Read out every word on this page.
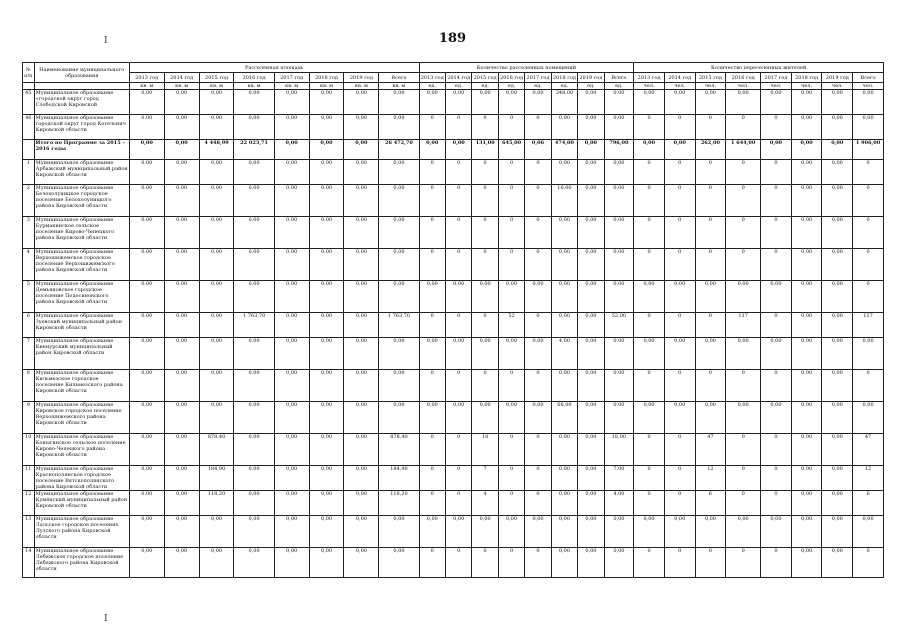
189
I
I
№ п/п	Наименование муниципального образования	Расселенная площадь								Количество расселенных помещений								Количество переселенных жителей							
		2013 год	2014 год	2015 год	2016 год	2017 год	2018 год	2019 год	Всего	2013 год	2014 год	2015 год	2016 год	2017 год	2018 год	2019 год	Всего	2013 год	2014 год	2015 год	2016 год	2017 год	2018 год	2019 год	Всего
		кв. м	кв. м	кв. м	кв. м	кв. м	кв. м	кв. м	кв. м	ед.	ед.	ед.	ед.	ед.	ед.	ед.	ед.	чел.	чел.	чел.	чел.	чел.	чел.	чел.	чел.
45	Муниципальное образование «городской округ город Слободской Кировской	0,00	0,00	0,00	0,00	0,00	0,00	0,00	0,00	0,00	0,00	0,00	0,00	0,00	348,00	0,00	0,00	0,00	0,00	0,00	0,00	0,00	0,00	0,00	0,00
46	Муниципальное образование городской округ город Котельнич Кировской области	0,00	0,00	0,00	0,00	0,00	0,00	0,00	0,00	0	0	0	0	0	0,00	0,00	0,00	0	0	0	0	0	0,00	0,00	0,00
	Итого по Программе за 2015 – 2016 годы	0,00	0,00	4 448,99	22 023,71	0,00	0,00	0,00	26 472,70	0,00	0,00	131,00	645,00	0,06	474,00	0,00	796,00	0,00	0,00	262,00	1 644,00	0,00	0,00	0,00	1 906,00
1	Муниципальное образование Арбажский муниципальный район Кировской области	0,00	0,00	0,00	0,00	0,00	0,00	0,00	0,00	0	0	0	0	0	0,00	0,00	0,00	0	0	0	0	0	0,00	0,00	0
2	Муниципальное образование Белохолуницкое городское поселение Белохолуницкого района Кировской области	0,00	0,00	0,00	0,00	0,00	0,00	0,00	0,00	0	0	0	0	0	16,00	0,00	0,00	0	0	0	0	0	0,00	0,00	0
3	Муниципальное образование Бурмакинское сельское поселение Кирово-Чепецкого района Кировской области	0,00	0,00	0,00	0,00	0,00	0,00	0,00	0,00	0	0	0	0	0	0,00	0,00	0,00	0	0	0	0	0	0,00	0,00	0
4	Муниципальное образование Верхошижемское городское поселение Верхошижемского района Кировской области	0,00	0,00	0,00	0,00	0,00	0,00	0,00	0,00	0	0	0	0	0	0,00	0,00	0,00	0	0	0	0	0	0,00	0,00	0
5	Муниципальное образование Демьяновское городское поселение Подосиновского района Кировской области	0,00	0,00	0,00	0,00	0,00	0,00	0,00	0,00	0,00	0,00	0,00	0,00	0,00	0,00	0,00	0,00	0,00	0,00	0,00	0,00	0,00	0,00	0,00	0
6	Муниципальное образование Зуевский муниципальный район Кировской области	0,00	0,00	0,00	1 763,70	0,00	0,00	0,00	1 763,70	0	0	0	52	0	0,00	0,00	52,00	0	0	0	117	0	0,00	0,00	117
7	Муниципальное образование Кикнурский муниципальный район Кировской области	0,00	0,00	0,00	0,00	0,00	0,00	0,00	0,00	0,00	0,00	0,00	0,00	0,00	4,00	0,00	0,00	0,00	0,00	0,00	0,00	0,00	0,00	0,00	0,00
8	Муниципальное образование Кильмезское городское поселение Кильмезского района Кировской области	0,00	0,00	0,00	0,00	0,00	0,00	0,00	0,00	0	0	0	0	0	0,00	0,00	0,00	0	0	0	0	0	0,00	0,00	0
9	Муниципальное образование Кировское городское поселение Верхошижемского района Кировской области	0,00	0,00	0,00	0,00	0,00	0,00	0,00	0,00	0,00	0,00	0,00	0,00	0,00	66,00	0,00	0,00	0,00	0,00	0,00	0,00	0,00	0,00	0,00	0,00
10	Муниципальное образование Коныгинское сельское поселение Кирово-Чепецкого района Кировской области	0,00	0,00	878,40	0,00	0,00	0,00	0,00	878,40	0	0	18	0	0	0,00	0,00	18,00	0	0	47	0	0	0,00	0,00	47
11	Муниципальное образование Краснополянское городское поселение Вятскополянского района Кировской области	0,00	0,00	184,90	0,00	0,00	0,00	0,00	184,90	0	0	7	0	0	0,00	0,00	7,00	0	0	12	0	0	0,00	0,00	12
12	Муниципальное образование Кумёнский муниципальный район Кировской области	0,00	0,00	118,20	0,00	0,00	0,00	0,00	118,20	0	0	4	0	0	0,00	0,00	4,00	0	0	6	0	0	0,00	0,00	6
13	Муниципальное образование Лальское городское поселение Лузского района Кировской области	0,00	0,00	0,00	0,00	0,00	0,00	0,00	0,00	0,00	0,00	0,00	0,00	0,00	0,00	0,00	0,00	0,00	0,00	0,00	0,00	0,00	0,00	0,00	0,00
14	Муниципальное образование Лебяжское городское поселение Лебяжского района Кировской области	0,00	0,00	0,00	0,00	0,00	0,00	0,00	0,00	0	0	0	0	0	0,00	0,00	0,00	0	0	0	0	0	0,00	0,00	0
